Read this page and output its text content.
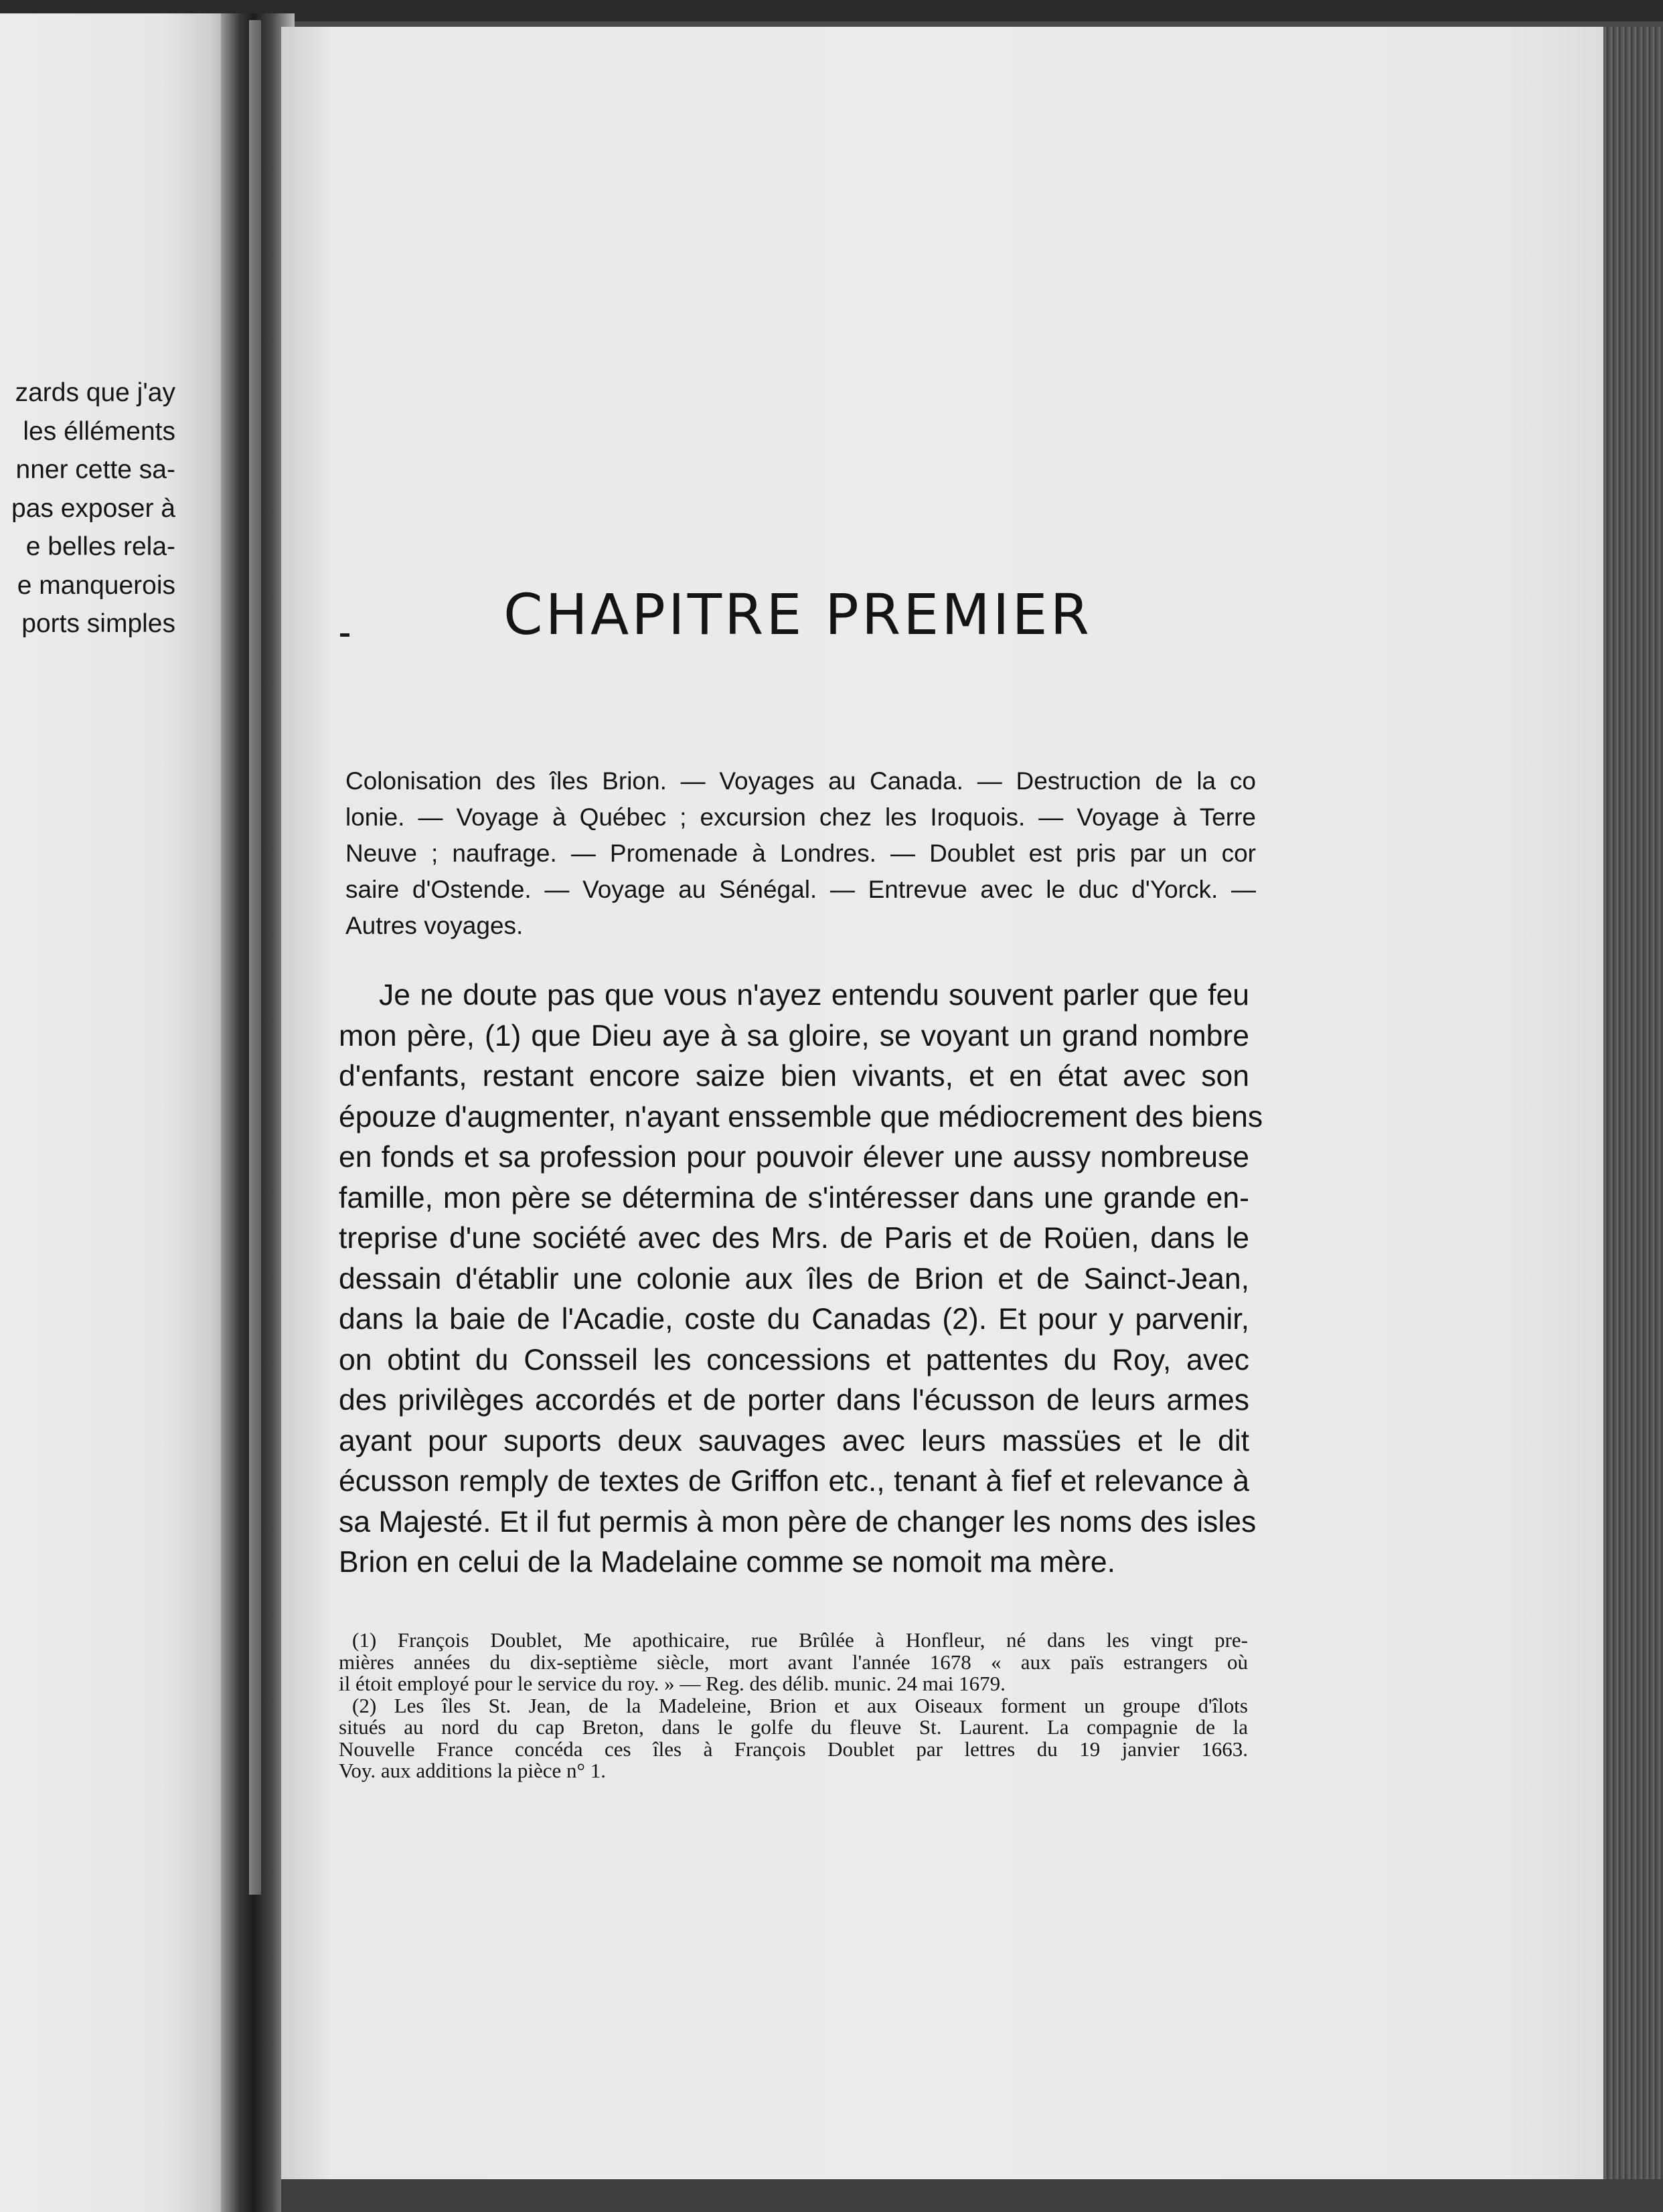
zards que j'ay
les élléments
nner cette sa-
pas exposer à
e belles rela-
e manquerois
ports simples	CHAPITRE PREMIER
Colonisation des îles Brion. — Voyages au Canada. — Destruction de la co
lonie. — Voyage à Québec ; excursion chez les Iroquois. — Voyage à Terre
Neuve ; naufrage. — Promenade à Londres. — Doublet est pris par un cor
saire d'Ostende. — Voyage au Sénégal. — Entrevue avec le duc d'Yorck. —
Autres voyages.
Je ne doute pas que vous n'ayez entendu souvent parler que feu
mon père, (1) que Dieu aye à sa gloire, se voyant un grand nombre
d'enfants, restant encore saize bien vivants, et en état avec son
épouze d'augmenter, n'ayant enssemble que médiocrement des biens
en fonds et sa profession pour pouvoir élever une aussy nombreuse
famille, mon père se détermina de s'intéresser dans une grande en-
treprise d'une société avec des Mrs. de Paris et de Roüen, dans le
dessain d'établir une colonie aux îles de Brion et de Sainct-Jean,
dans la baie de l'Acadie, coste du Canadas (2). Et pour y parvenir,
on obtint du Consseil les concessions et pattentes du Roy, avec
des privilèges accordés et de porter dans l'écusson de leurs armes
ayant pour suports deux sauvages avec leurs massües et le dit
écusson remply de textes de Griffon etc., tenant à fief et relevance à
sa Majesté. Et il fut permis à mon père de changer les noms des isles
Brion en celui de la Madelaine comme se nomoit ma mère.
(1) François Doublet, Me apothicaire, rue Brûlée à Honfleur, né dans les vingt pre-
mières années du dix-septième siècle, mort avant l'année 1678 « aux païs estrangers où
il étoit employé pour le service du roy. » — Reg. des délib. munic. 24 mai 1679.
(2) Les îles St. Jean, de la Madeleine, Brion et aux Oiseaux forment un groupe d'îlots
situés au nord du cap Breton, dans le golfe du fleuve St. Laurent. La compagnie de la
Nouvelle France concéda ces îles à François Doublet par lettres du 19 janvier 1663.
Voy. aux additions la pièce n° 1.
